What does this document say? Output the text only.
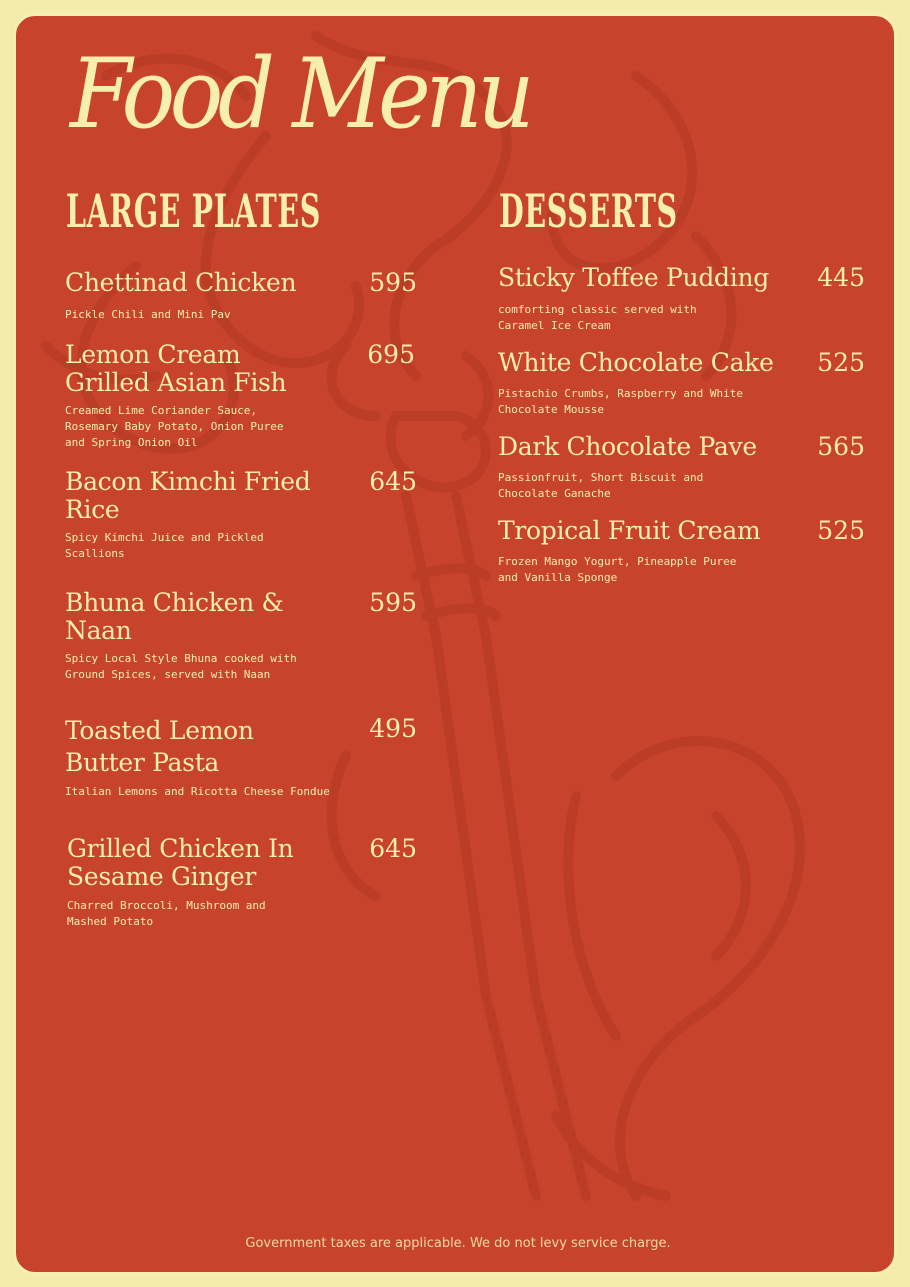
Food Menu
LARGE PLATES	DESSERTS
Chettinad Chicken	595
Pickle Chili and Mini Pav
Lemon Cream
Grilled Asian Fish
695
Creamed Lime Coriander Sauce,
Rosemary Baby Potato, Onion Puree
and Spring Onion Oil
Bacon Kimchi Fried
Rice
645
Spicy Kimchi Juice and Pickled
Scallions
Bhuna Chicken &
Naan
595
Spicy Local Style Bhuna cooked with
Ground Spices, served with Naan
Toasted Lemon
Butter Pasta
495
Italian Lemons and Ricotta Cheese Fondue
Grilled Chicken In
Sesame Ginger
645
Charred Broccoli, Mushroom and
Mashed Potato
Sticky Toffee Pudding 445
comforting classic served with
Caramel Ice Cream
White Chocolate Cake 525
Pistachio Crumbs, Raspberry and White
Chocolate Mousse
Dark Chocolate Pave 565
Passionfruit, Short Biscuit and
Chocolate Ganache
Tropical Fruit Cream 525
Frozen Mango Yogurt, Pineapple Puree
and Vanilla Sponge
Government taxes are applicable. We do not levy service charge.
